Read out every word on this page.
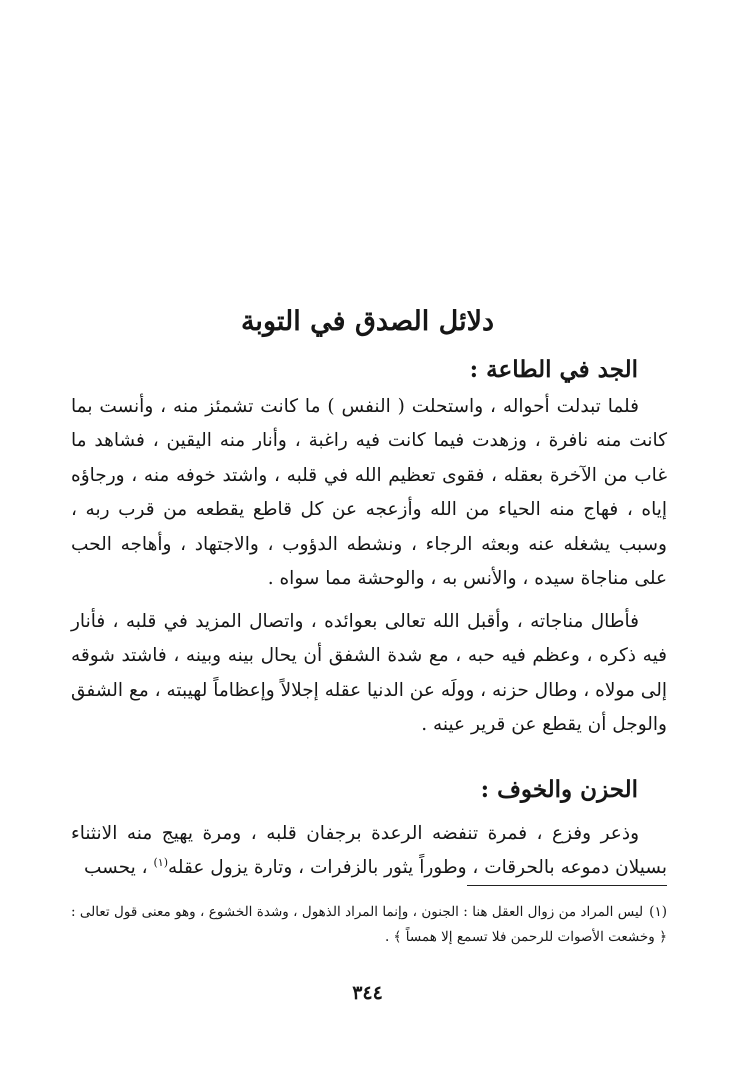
دلائل الصدق في التوبة
الجد في الطاعة :

فلما تبدلت أحواله ، واستحلت ( النفس ) ما كانت تشمئز منه ، وأنست بما كانت منه نافرة ، وزهدت فيما كانت فيه راغبة ، وأنار منه اليقين ، فشاهد ما غاب من الآخرة بعقله ، فقوى تعظيم الله في قلبه ، واشتد خوفه منه ، ورجاؤه إياه ، فهاج منه الحياء من الله وأزعجه عن كل قاطع يقطعه من قرب ربه ، وسبب يشغله عنه وبعثه الرجاء ، ونشطه الدؤوب ، والاجتهاد ، وأهاجه الحب على مناجاة سيده ، والأنس به ، والوحشة مما سواه .

فأطال مناجاته ، وأقبل الله تعالى بعوائده ، واتصال المزيد في قلبه ، فأنار فيه ذكره ، وعظم فيه حبه ، مع شدة الشفق أن يحال بينه وبينه ، فاشتد شوقه إلى مولاه ، وطال حزنه ، وولَه عن الدنيا عقله إجلالاً وإعظاماً لهيبته ، مع الشفق والوجل أن يقطع عن قرير عينه .

الحزن والخوف :

وذعر وفزع ، فمرة تنفضه الرعدة برجفان قلبه ، ومرة يهيج منه الانثناء بسيلان دموعه بالحرقات ، وطوراً يثور بالزفرات ، وتارة يزول عقله$^{(١)}$ ، يحسب

(١)ليس المراد من زوال العقل هنا : الجنون ، وإنما المراد الذهول ، وشدة الخشوع ، وهو معنى قول تعالى : ﴿ وخشعت الأصوات للرحمن فلا تسمع إلا همساً ﴾ .

٣٤٤
